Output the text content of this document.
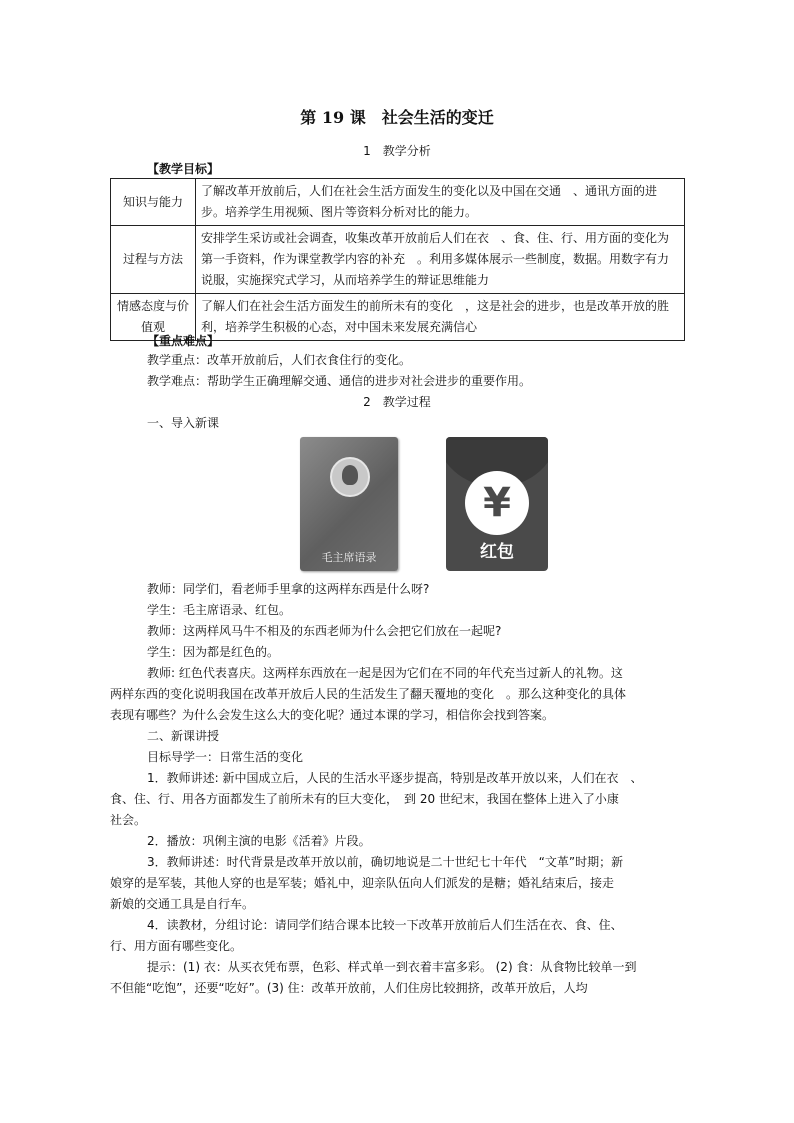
第 19 课　社会生活的变迁
1　教学分析
【教学目标】
知识与能力	了解改革开放前后，人们在社会生活方面发生的变化以及中国在交通　、通讯方面的进步。培养学生用视频、图片等资料分析对比的能力。
过程与方法	安排学生采访或社会调查，收集改革开放前后人们在衣　、食、住、行、用方面的变化为第一手资料，作为课堂教学内容的补充　。利用多媒体展示一些制度，数据。用数字有力说服，实施探究式学习，从而培养学生的辩证思维能力
情感态度与价值观	了解人们在社会生活方面发生的前所未有的变化　，这是社会的进步，也是改革开放的胜利，培养学生积极的心态，对中国未来发展充满信心
【重点难点】
教学重点：改革开放前后，人们衣食住行的变化。
教学难点：帮助学生正确理解交通、通信的进步对社会进步的重要作用。
2　教学过程
一、导入新课
毛主席语录
¥
红包
教师：同学们，看老师手里拿的这两样东西是什么呀?
学生：毛主席语录、红包。
教师：这两样风马牛不相及的东西老师为什么会把它们放在一起呢?
学生：因为都是红色的。
教师: 红色代表喜庆。这两样东西放在一起是因为它们在不同的年代充当过新人的礼物。这
两样东西的变化说明我国在改革开放后人民的生活发生了翻天覆地的变化　。那么这种变化的具体
表现有哪些？为什么会发生这么大的变化呢？通过本课的学习，相信你会找到答案。
二、新课讲授
目标导学一：日常生活的变化
1．教师讲述: 新中国成立后，人民的生活水平逐步提高，特别是改革开放以来，人们在衣　、
食、住、行、用各方面都发生了前所未有的巨大变化，　到 20 世纪末，我国在整体上进入了小康
社会。
2．播放：巩俐主演的电影《活着》片段。
3．教师讲述：时代背景是改革开放以前，确切地说是二十世纪七十年代　“文革”时期；新
娘穿的是军装，其他人穿的也是军装；婚礼中，迎亲队伍向人们派发的是糖；婚礼结束后，接走
新娘的交通工具是自行车。
4．读教材，分组讨论：请同学们结合课本比较一下改革开放前后人们生活在衣、食、住、
行、用方面有哪些变化。
提示：(1) 衣：从买衣凭布票，色彩、样式单一到衣着丰富多彩。 (2) 食：从食物比较单一到
不但能“吃饱”，还要“吃好”。(3) 住：改革开放前，人们住房比较拥挤，改革开放后，人均
